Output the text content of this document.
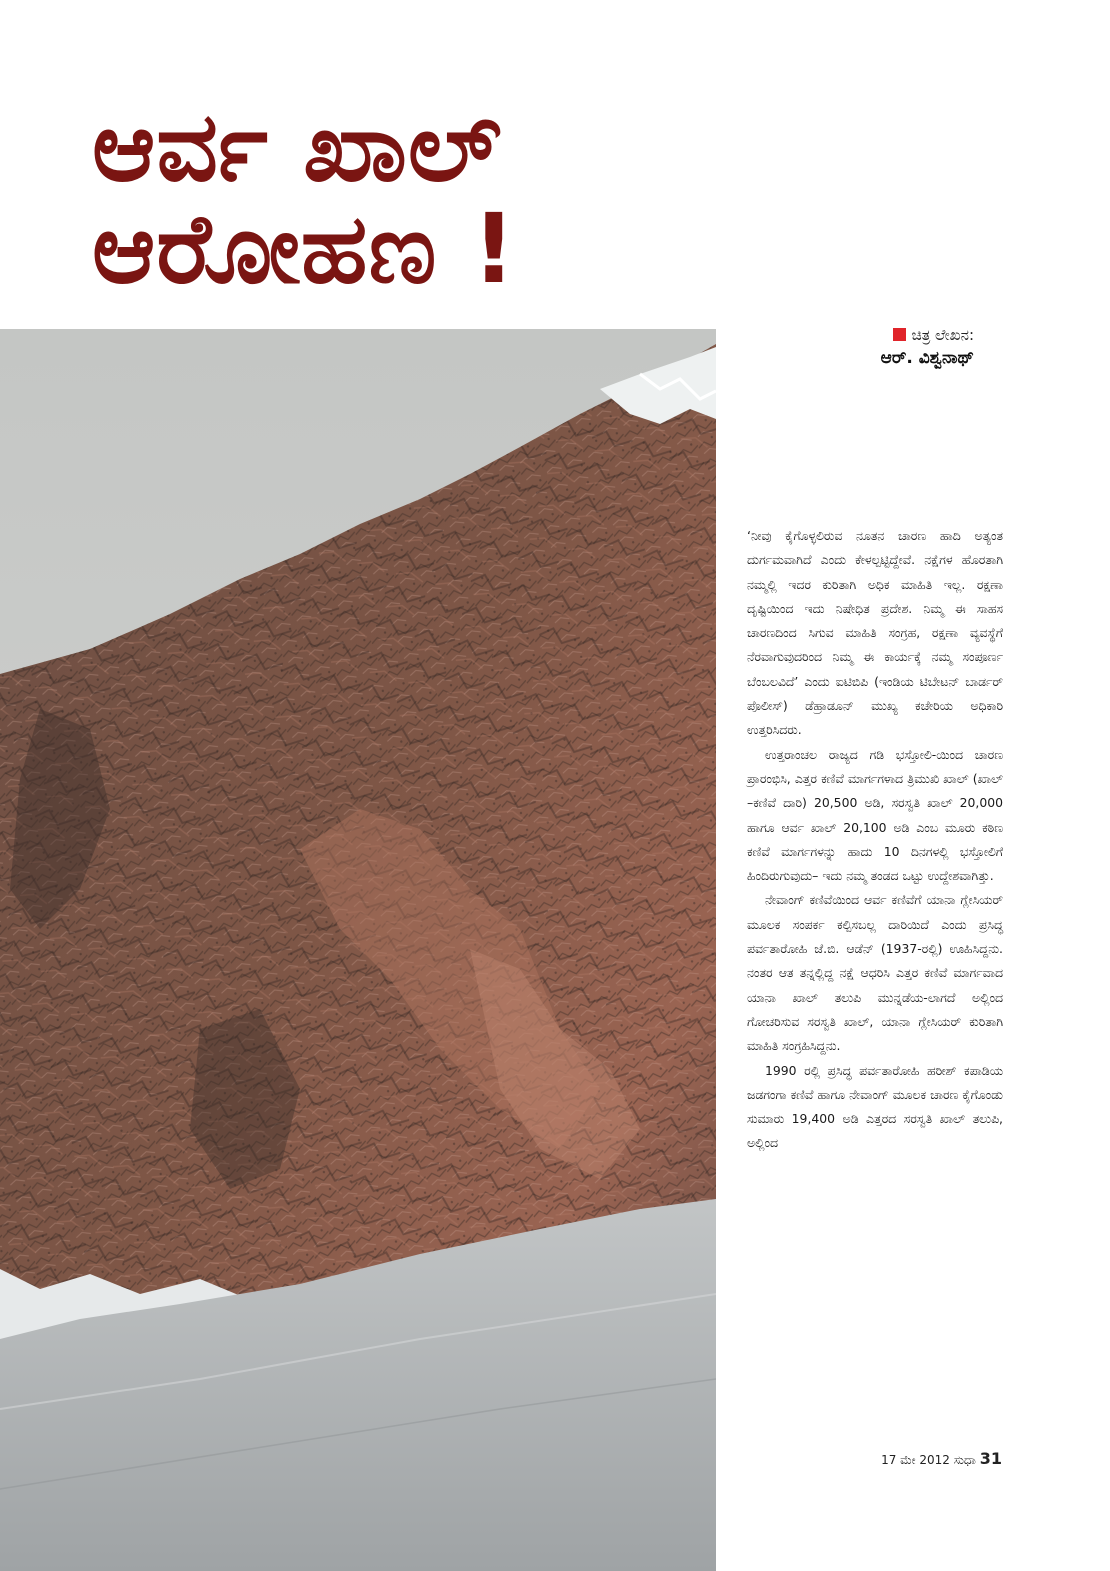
ಆರ್ವ ಖಾಲ್
ಆರೋಹಣ !
ಚಿತ್ರ ಲೇಖನ:
ಆರ್. ವಿಶ್ವನಾಥ್

‘ನೀವು ಕೈಗೊಳ್ಳಲಿರುವ ನೂತನ ಚಾರಣ ಹಾದಿ ಅತ್ಯಂತ ದುರ್ಗಮವಾಗಿದೆ ಎಂದು ಕೇಳಲ್ಪಟ್ಟಿದ್ದೇವೆ. ನಕ್ಷೆಗಳ ಹೊರತಾಗಿ ನಮ್ಮಲ್ಲಿ ಇದರ ಕುರಿತಾಗಿ ಅಧಿಕ ಮಾಹಿತಿ ಇಲ್ಲ. ರಕ್ಷಣಾ ದೃಷ್ಟಿಯಿಂದ ಇದು ನಿಷೇಧಿತ ಪ್ರದೇಶ. ನಿಮ್ಮ ಈ ಸಾಹಸ ಚಾರಣದಿಂದ ಸಿಗುವ ಮಾಹಿತಿ ಸಂಗ್ರಹ, ರಕ್ಷಣಾ ವ್ಯವಸ್ಥೆಗೆ ನೆರವಾಗುವುದರಿಂದ ನಿಮ್ಮ ಈ ಕಾರ್ಯಕ್ಕೆ ನಮ್ಮ ಸಂಪೂರ್ಣ ಬೆಂಬಲವಿದೆ’ ಎಂದು ಐಟಿಬಿಪಿ (ಇಂಡಿಯ ಟಿಬೇಟನ್ ಬಾರ್ಡರ್ ಪೊಲೀಸ್) ಡೆಹ್ರಾಡೂನ್ ಮುಖ್ಯ ಕಚೇರಿಯ ಅಧಿಕಾರಿ ಉತ್ತರಿಸಿದರು.

ಉತ್ತರಾಂಚಲ ರಾಜ್ಯದ ಗಡಿ ಭಸ್ತೋಲಿ-ಯಿಂದ ಚಾರಣ ಪ್ರಾರಂಭಿಸಿ, ಎತ್ತರ ಕಣಿವೆ ಮಾರ್ಗಗಳಾದ ತ್ರಿಮುಖಿ ಖಾಲ್ (ಖಾಲ್ –ಕಣಿವೆ ದಾರಿ) 20,500 ಅಡಿ, ಸರಸ್ವತಿ ಖಾಲ್ 20,000 ಹಾಗೂ ಆರ್ವ ಖಾಲ್ 20,100 ಅಡಿ ಎಂಬ ಮೂರು ಕಠಿಣ ಕಣಿವೆ ಮಾರ್ಗಗಳನ್ನು ಹಾದು 10 ದಿನಗಳಲ್ಲಿ ಭಸ್ತೋಲಿಗೆ ಹಿಂದಿರುಗುವುದು– ಇದು ನಮ್ಮ ತಂಡದ ಒಟ್ಟು ಉದ್ದೇಶವಾಗಿತ್ತು.

ನೇವಾಂಗ್ ಕಣಿವೆಯಿಂದ ಆರ್ವ ಕಣಿವೆಗೆ ಯಾನಾ ಗ್ಲೇಸಿಯರ್ ಮೂಲಕ ಸಂಪರ್ಕ ಕಲ್ಪಿಸಬಲ್ಲ ದಾರಿಯಿದೆ ಎಂದು ಪ್ರಸಿದ್ಧ ಪರ್ವತಾರೋಹಿ ಜೆ.ಬಿ. ಆಡೆನ್ (1937-ರಲ್ಲಿ) ಊಹಿಸಿದ್ದನು. ನಂತರ ಆತ ತನ್ನಲ್ಲಿದ್ದ ನಕ್ಷೆ ಆಧರಿಸಿ ಎತ್ತರ ಕಣಿವೆ ಮಾರ್ಗವಾದ ಯಾನಾ ಖಾಲ್ ತಲುಪಿ ಮುನ್ನಡೆಯ-ಲಾಗದೆ ಅಲ್ಲಿಂದ ಗೋಚರಿಸುವ ಸರಸ್ವತಿ ಖಾಲ್, ಯಾನಾ ಗ್ಲೇಸಿಯರ್ ಕುರಿತಾಗಿ ಮಾಹಿತಿ ಸಂಗ್ರಹಿಸಿದ್ದನು.

1990 ರಲ್ಲಿ ಪ್ರಸಿದ್ಧ ಪರ್ವತಾರೋಹಿ ಹರೀಶ್ ಕಪಾಡಿಯ ಜಡಗಂಗಾ ಕಣಿವೆ ಹಾಗೂ ನೇವಾಂಗ್ ಮೂಲಕ ಚಾರಣ ಕೈಗೊಂಡು ಸುಮಾರು 19,400 ಅಡಿ ಎತ್ತರದ ಸರಸ್ವತಿ ಖಾಲ್ ತಲುಪಿ, ಅಲ್ಲಿಂದ

17 ಮೇ 2012 ಸುಧಾ 31
